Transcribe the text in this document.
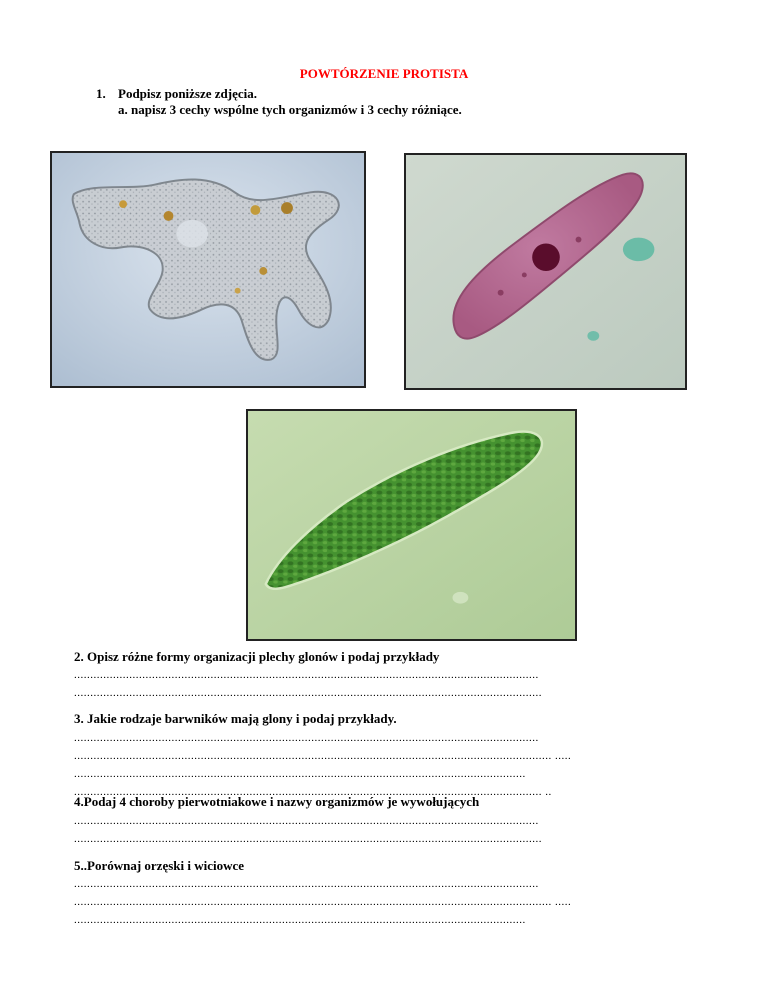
POWTÓRZENIE PROTISTA
1. Podpisz poniższe zdjęcia.
a. napisz 3 cechy wspólne tych organizmów i 3 cechy różniące.
2. Opisz różne formy organizacji plechy glonów i podaj przykłady
...............................................................................................................................................
................................................................................................................................................
3. Jakie rodzaje barwników mają glony i podaj przykłady.
...............................................................................................................................................
................................................................................................................................................... .....
...........................................................................................................................................
................................................................................................................................................ ..
4.Podaj 4 choroby pierwotniakowe i nazwy organizmów je wywołujących
...............................................................................................................................................
................................................................................................................................................
5..Porównaj orzęski i wiciowce
...............................................................................................................................................
................................................................................................................................................... .....
...........................................................................................................................................
